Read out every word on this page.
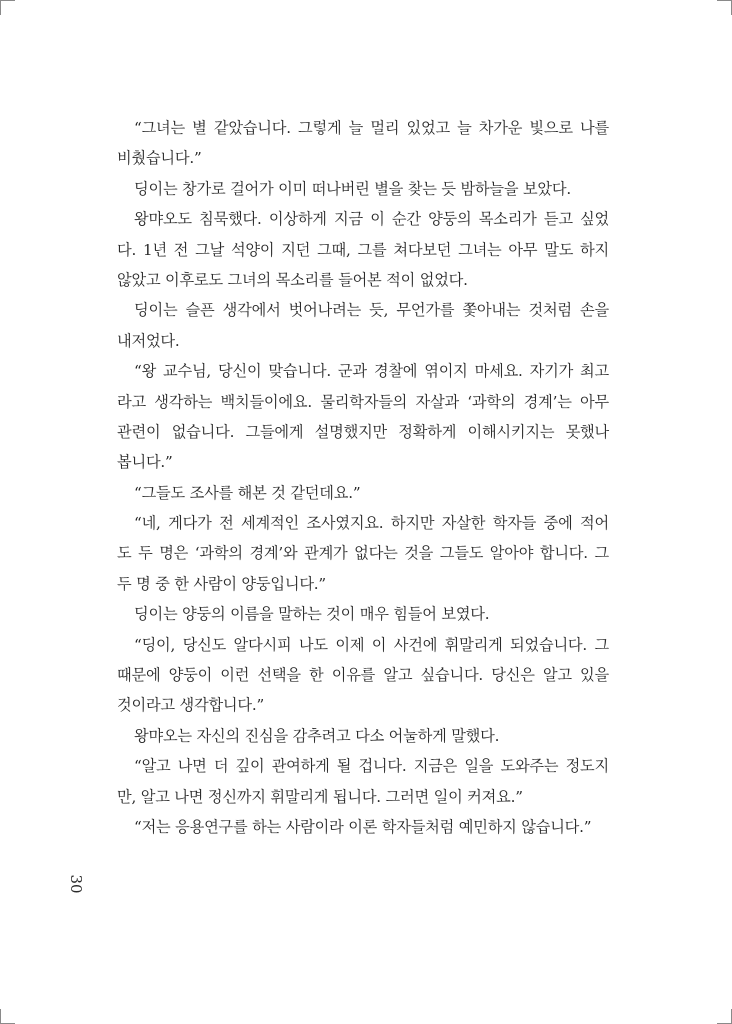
“그녀는 별 같았습니다. 그렇게 늘 멀리 있었고 늘 차가운 빛으로 나를
비췄습니다.”
딩이는 창가로 걸어가 이미 떠나버린 별을 찾는 듯 밤하늘을 보았다.
왕먀오도 침묵했다. 이상하게 지금 이 순간 양둥의 목소리가 듣고 싶었
다. 1년 전 그날 석양이 지던 그때, 그를 쳐다보던 그녀는 아무 말도 하지
않았고 이후로도 그녀의 목소리를 들어본 적이 없었다.
딩이는 슬픈 생각에서 벗어나려는 듯, 무언가를 쫓아내는 것처럼 손을
내저었다.
“왕 교수님, 당신이 맞습니다. 군과 경찰에 엮이지 마세요. 자기가 최고
라고 생각하는 백치들이에요. 물리학자들의 자살과 ‘과학의 경계’는 아무
관련이 없습니다. 그들에게 설명했지만 정확하게 이해시키지는 못했나
봅니다.”
“그들도 조사를 해본 것 같던데요.”
“네, 게다가 전 세계적인 조사였지요. 하지만 자살한 학자들 중에 적어
도 두 명은 ‘과학의 경계’와 관계가 없다는 것을 그들도 알아야 합니다. 그
두 명 중 한 사람이 양둥입니다.”
딩이는 양둥의 이름을 말하는 것이 매우 힘들어 보였다.
“딩이, 당신도 알다시피 나도 이제 이 사건에 휘말리게 되었습니다. 그
때문에 양둥이 이런 선택을 한 이유를 알고 싶습니다. 당신은 알고 있을
것이라고 생각합니다.”
왕먀오는 자신의 진심을 감추려고 다소 어눌하게 말했다.
“알고 나면 더 깊이 관여하게 될 겁니다. 지금은 일을 도와주는 정도지
만, 알고 나면 정신까지 휘말리게 됩니다. 그러면 일이 커져요.”
“저는 응용연구를 하는 사람이라 이론 학자들처럼 예민하지 않습니다.”
30
